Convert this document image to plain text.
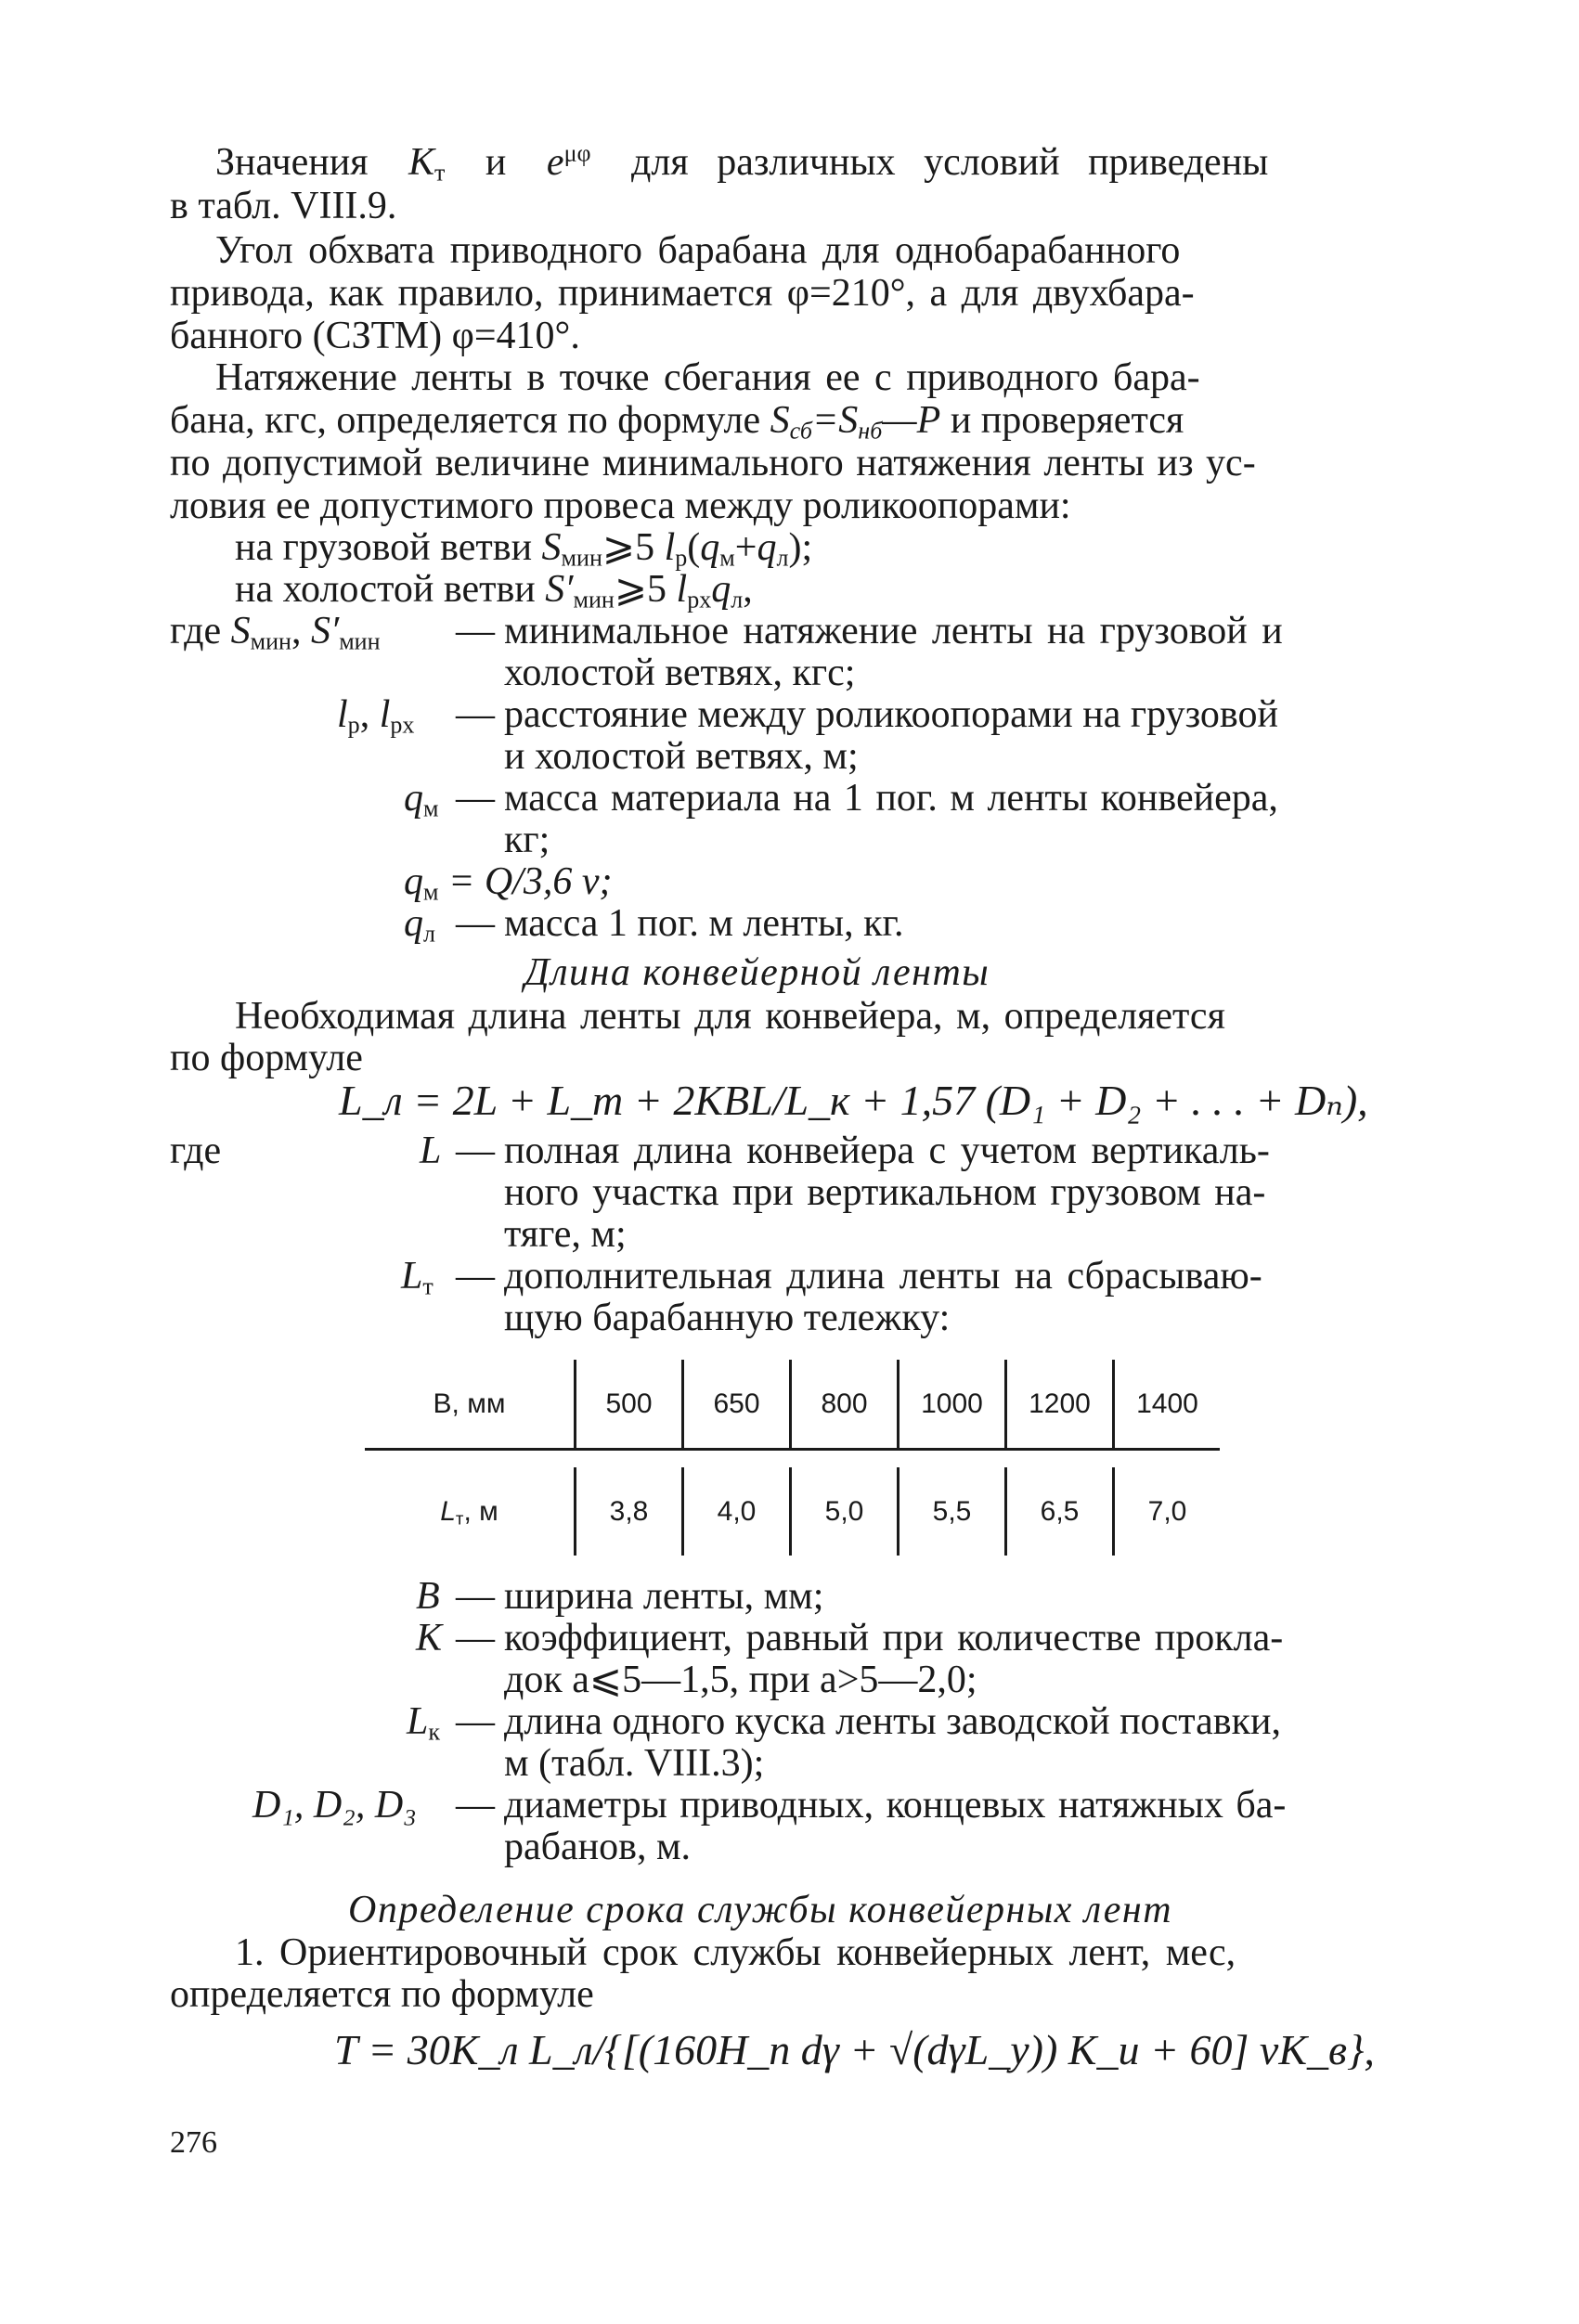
Значения $K_т$ и $e^{\mu\varphi}$ для различных условий приведены
в табл. VIII.9.
Угол обхвата приводного барабана для однобарабанного
привода, как правило, принимается φ=210°, а для двухбара-
банного (СЗТМ) φ=410°.
Натяжение ленты в точке сбегания ее с приводного бара-
бана, кгс, определяется по формуле $S_{сб}=S_{нб}—P$ и проверяется
по допустимой величине минимального натяжения ленты из ус-
ловия ее допустимого провеса между роликоопорами:
на грузовой ветви $S_{мин}⩾5$ $l_р(q_м+q_л)$;
на холостой ветви $S'_{мин}⩾5$ $l_{рх}q_л$,
где $S_{мин}$, $S'_{мин}$ — минимальное натяжение ленты на грузовой и
холостой ветвях, кгс;
$l_р$, $l_{рх}$ — расстояние между роликоопорами на грузовой
и холостой ветвях, м;
$q_м$ — масса материала на 1 пог. м ленты конвейера,
кг;
$q_м = Q/3,6$ v;
$q_л$ — масса 1 пог. м ленты, кг.
Длина конвейерной ленты
Необходимая длина ленты для конвейера, м, определяется
по формуле
L_л = 2L + L_т + 2KBL/L_к + 1,57 (D₁ + D₂ + . . . + Dₙ),
где	L — полная длина конвейера с учетом вертикаль-
ного участка при вертикальном грузовом на-
тяге, м;
$L_т$ — дополнительная длина ленты на сбрасываю-
щую барабанную тележку:
B, мм	500	650	800	1000	1200	1400

$L_т$, м	3,8	4,0	5,0	5,5	6,5	7,0
B — ширина ленты, мм;
K — коэффициент, равный при количестве прокла-
док a⩽5—1,5, при a>5—2,0;
$L_к$ — длина одного куска ленты заводской поставки,
м (табл. VIII.3);
D₁, D₂, D₃ — диаметры приводных, концевых натяжных ба-
рабанов, м.
Определение срока службы конвейерных лент
1. Ориентировочный срок службы конвейерных лент, мес,
определяется по формуле
T = 30K_л L_л/{[(160H_п dγ + √(dγL_у)) K_и + 60] vK_в},
276
